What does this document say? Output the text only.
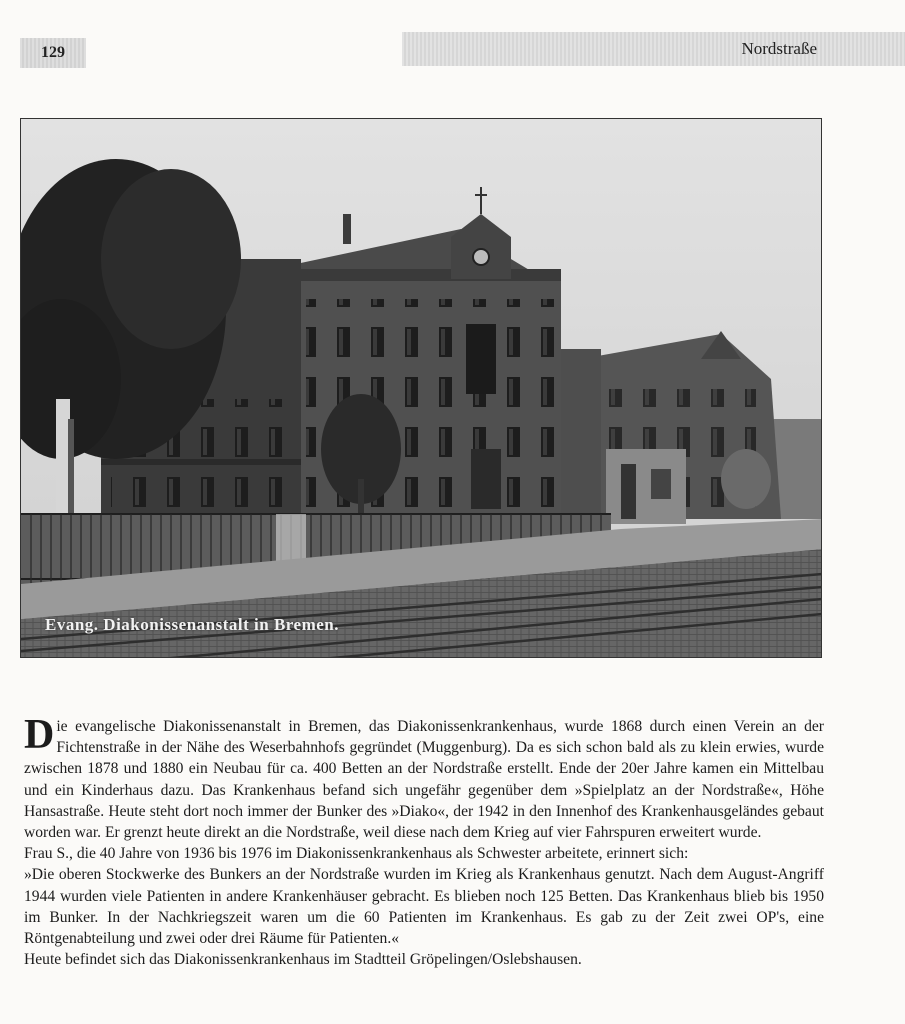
129	Nordstraße
Evang. Diakonissenanstalt in Bremen.

Die evangelische Diakonissenanstalt in Bremen, das Diakonissenkrankenhaus, wurde 1868 durch einen Verein an der Fichtenstraße in der Nähe des Weserbahnhofs gegründet (Muggenburg). Da es sich schon bald als zu klein erwies, wurde zwischen 1878 und 1880 ein Neubau für ca. 400 Betten an der Nordstraße erstellt. Ende der 20er Jahre kamen ein Mittelbau und ein Kinderhaus dazu. Das Krankenhaus befand sich ungefähr gegenüber dem »Spielplatz an der Nordstraße«, Höhe Hansastraße. Heute steht dort noch immer der Bunker des »Diako«, der 1942 in den Innenhof des Krankenhausgeländes gebaut worden war. Er grenzt heute direkt an die Nordstraße, weil diese nach dem Krieg auf vier Fahrspuren erweitert wurde.

Frau S., die 40 Jahre von 1936 bis 1976 im Diakonissenkrankenhaus als Schwester arbeitete, erinnert sich:

»Die oberen Stockwerke des Bunkers an der Nordstraße wurden im Krieg als Krankenhaus genutzt. Nach dem August-Angriff 1944 wurden viele Patienten in andere Krankenhäuser gebracht. Es blieben noch 125 Betten. Das Krankenhaus blieb bis 1950 im Bunker. In der Nachkriegszeit waren um die 60 Patienten im Krankenhaus. Es gab zu der Zeit zwei OP's, eine Röntgenabteilung und zwei oder drei Räume für Patienten.«

Heute befindet sich das Diakonissenkrankenhaus im Stadtteil Gröpelingen/Oslebshausen.
